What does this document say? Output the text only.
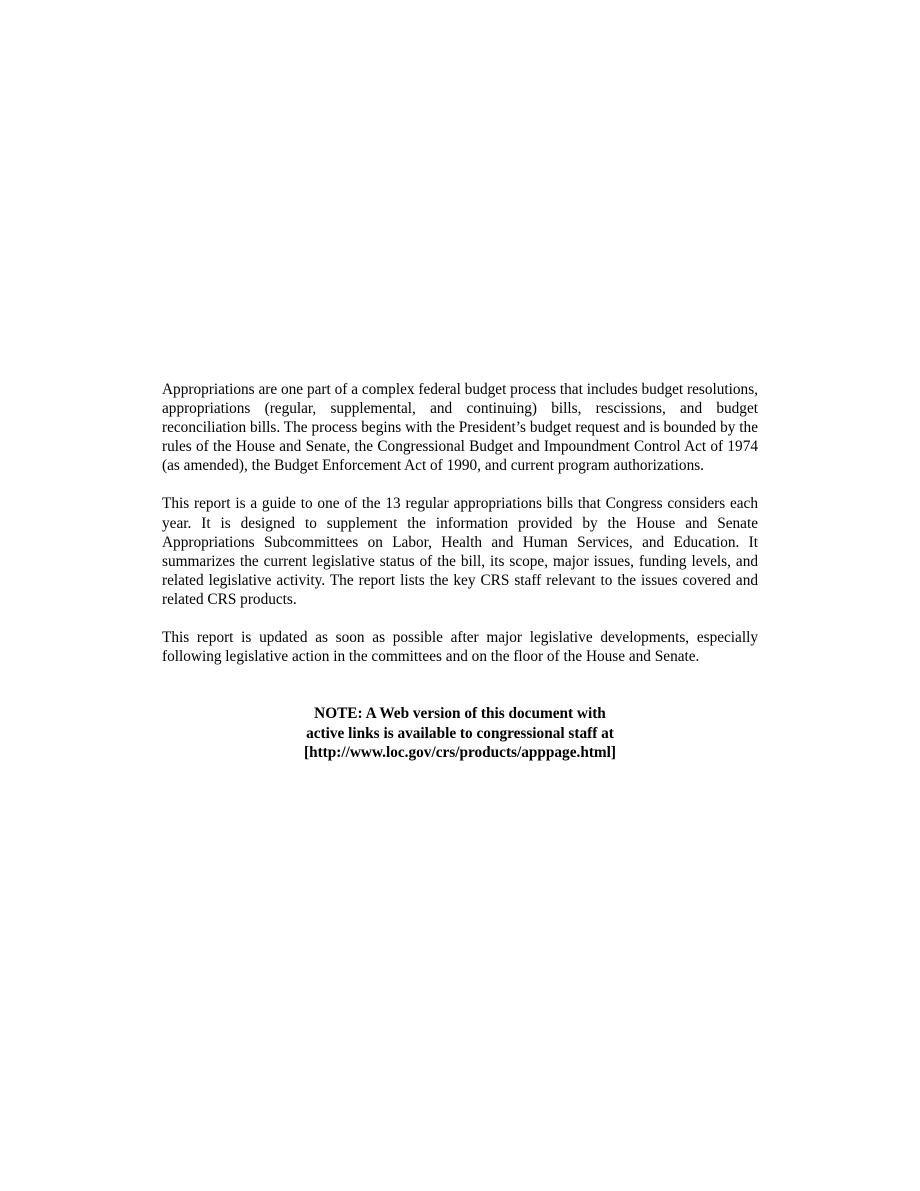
Appropriations are one part of a complex federal budget process that includes budget resolutions, appropriations (regular, supplemental, and continuing) bills, rescissions, and budget reconciliation bills. The process begins with the President’s budget request and is bounded by the rules of the House and Senate, the Congressional Budget and Impoundment Control Act of 1974 (as amended), the Budget Enforcement Act of 1990, and current program authorizations.

This report is a guide to one of the 13 regular appropriations bills that Congress considers each year. It is designed to supplement the information provided by the House and Senate Appropriations Subcommittees on Labor, Health and Human Services, and Education. It summarizes the current legislative status of the bill, its scope, major issues, funding levels, and related legislative activity. The report lists the key CRS staff relevant to the issues covered and related CRS products.

This report is updated as soon as possible after major legislative developments, especially following legislative action in the committees and on the floor of the House and Senate.

NOTE: A Web version of this document with
active links is available to congressional staff at
[http://www.loc.gov/crs/products/apppage.html]
